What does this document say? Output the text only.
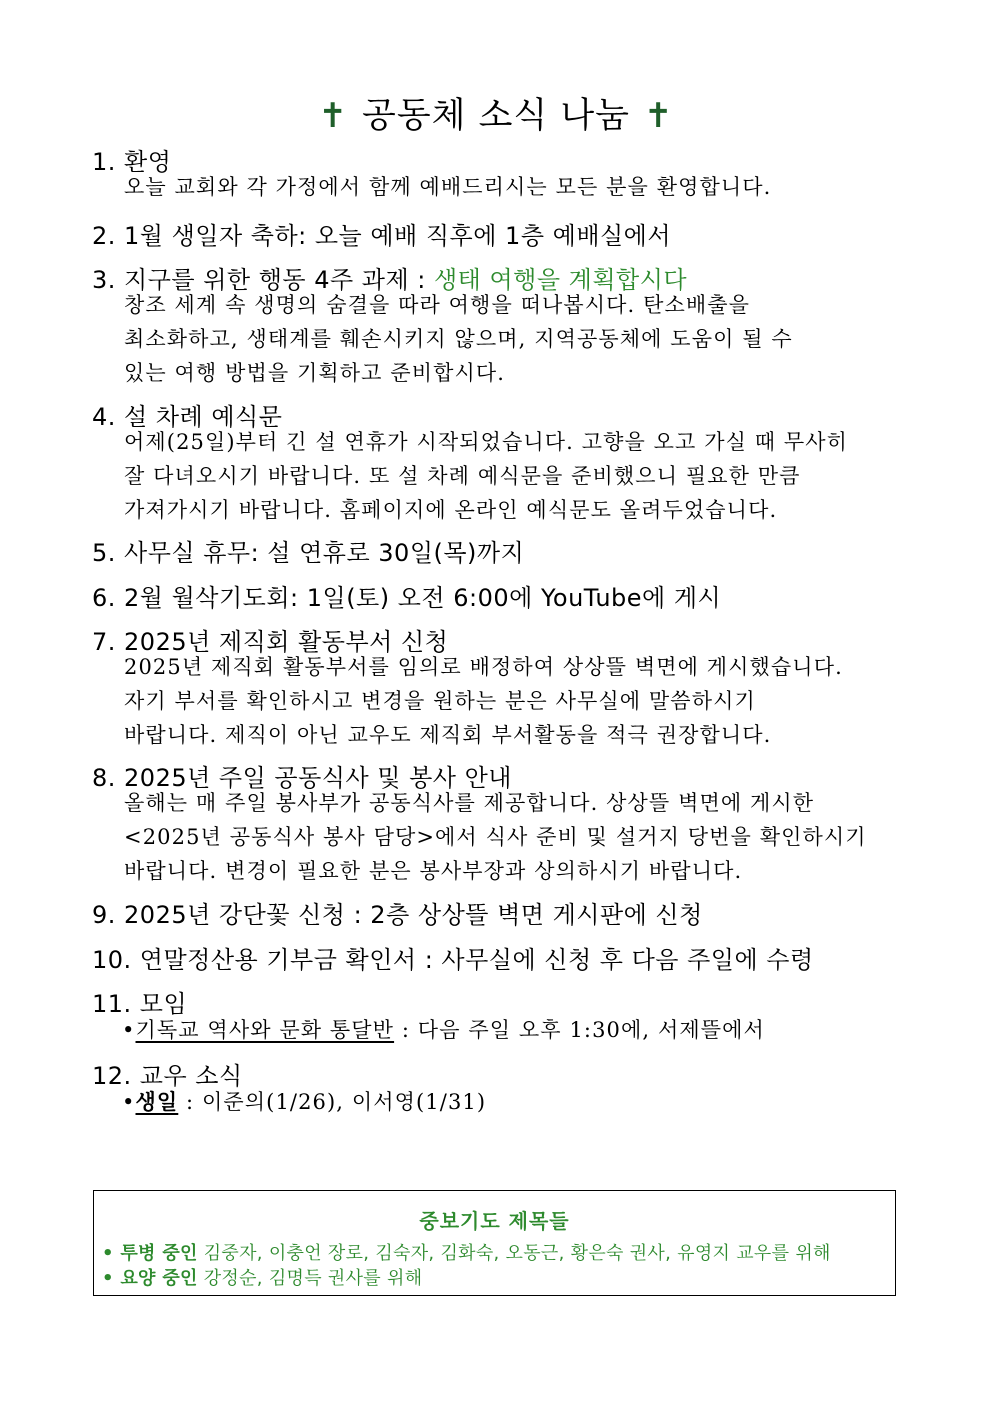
✝ 공동체 소식 나눔 ✝
1. 환영
오늘 교회와 각 가정에서 함께 예배드리시는 모든 분을 환영합니다.
2. 1월 생일자 축하: 오늘 예배 직후에 1층 예배실에서
3. 지구를 위한 행동 4주 과제 : 생태 여행을 계획합시다
창조 세계 속 생명의 숨결을 따라 여행을 떠나봅시다. 탄소배출을
최소화하고, 생태계를 훼손시키지 않으며, 지역공동체에 도움이 될 수
있는 여행 방법을 기획하고 준비합시다.
4. 설 차례 예식문
어제(25일)부터 긴 설 연휴가 시작되었습니다. 고향을 오고 가실 때 무사히
잘 다녀오시기 바랍니다. 또 설 차례 예식문을 준비했으니 필요한 만큼
가져가시기 바랍니다. 홈페이지에 온라인 예식문도 올려두었습니다.
5. 사무실 휴무: 설 연휴로 30일(목)까지
6. 2월 월삭기도회: 1일(토) 오전 6:00에 YouTube에 게시
7. 2025년 제직회 활동부서 신청
2025년 제직회 활동부서를 임의로 배정하여 상상뜰 벽면에 게시했습니다.
자기 부서를 확인하시고 변경을 원하는 분은 사무실에 말씀하시기
바랍니다. 제직이 아닌 교우도 제직회 부서활동을 적극 권장합니다.
8. 2025년 주일 공동식사 및 봉사 안내
올해는 매 주일 봉사부가 공동식사를 제공합니다. 상상뜰 벽면에 게시한
<2025년 공동식사 봉사 담당>에서 식사 준비 및 설거지 당번을 확인하시기
바랍니다. 변경이 필요한 분은 봉사부장과 상의하시기 바랍니다.
9. 2025년 강단꽃 신청 : 2층 상상뜰 벽면 게시판에 신청
10. 연말정산용 기부금 확인서 : 사무실에 신청 후 다음 주일에 수령
11. 모임
•기독교 역사와 문화 통달반 : 다음 주일 오후 1:30에, 서제뜰에서
12. 교우 소식
•생일 : 이준의(1/26), 이서영(1/31)
중보기도 제목들
• 투병 중인 김중자, 이충언 장로, 김숙자, 김화숙, 오동근, 황은숙 권사, 유영지 교우를 위해
• 요양 중인 강정순, 김명득 권사를 위해
